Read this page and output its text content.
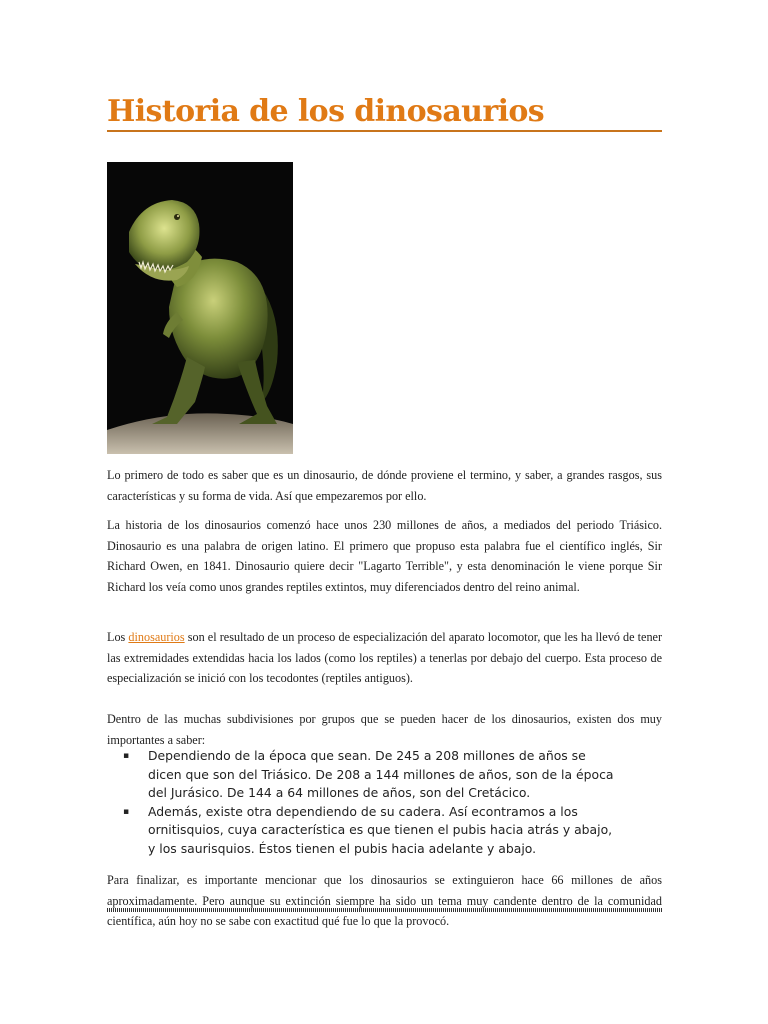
Historia de los dinosaurios

Lo primero de todo es saber que es un dinosaurio, de dónde proviene el termino, y saber, a grandes rasgos, sus características y su forma de vida. Así que empezaremos por ello.

La historia de los dinosaurios comenzó hace unos 230 millones de años, a mediados del periodo Triásico. Dinosaurio es una palabra de origen latino. El primero que propuso esta palabra fue el científico inglés, Sir Richard Owen, en 1841. Dinosaurio quiere decir "Lagarto Terrible", y esta denominación le viene porque Sir Richard los veía como unos grandes reptiles extintos, muy diferenciados dentro del reino animal.

Los dinosaurios son el resultado de un proceso de especialización del aparato locomotor, que les ha llevó de tener las extremidades extendidas hacia los lados (como los reptiles) a tenerlas por debajo del cuerpo. Esta proceso de especialización se inició con los tecodontes (reptiles antiguos).

Dentro de las muchas subdivisiones por grupos que se pueden hacer de los dinosaurios, existen dos muy importantes a saber:

▪ Dependiendo de la época que sean. De 245 a 208 millones de años se dicen que son del Triásico. De 208 a 144 millones de años, son de la época del Jurásico. De 144 a 64 millones de años, son del Cretácico.
▪ Además, existe otra dependiendo de su cadera. Así econtramos a los ornitisquios, cuya característica es que tienen el pubis hacia atrás y abajo, y los saurisquios. Éstos tienen el pubis hacia adelante y abajo.

Para finalizar, es importante mencionar que los dinosaurios se extinguieron hace 66 millones de años aproximadamente. Pero aunque su extinción siempre ha sido un tema muy candente dentro de la comunidad científica, aún hoy no se sabe con exactitud qué fue lo que la provocó.
